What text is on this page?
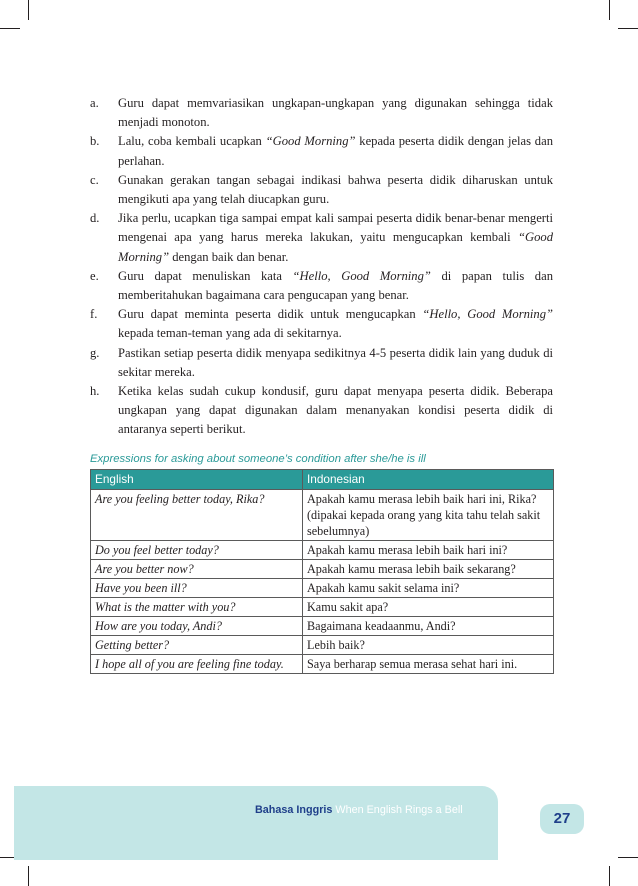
a. Guru dapat memvariasikan ungkapan-ungkapan yang digunakan sehingga tidak menjadi monoton.
b. Lalu, coba kembali ucapkan “Good Morning” kepada peserta didik dengan jelas dan perlahan.
c. Gunakan gerakan tangan sebagai indikasi bahwa peserta didik diharuskan untuk mengikuti apa yang telah diucapkan guru.
d. Jika perlu, ucapkan tiga sampai empat kali sampai peserta didik benar-benar mengerti mengenai apa yang harus mereka lakukan, yaitu mengucapkan kembali “Good Morning” dengan baik dan benar.
e. Guru dapat menuliskan kata “Hello, Good Morning” di papan tulis dan memberitahukan bagaimana cara pengucapan yang benar.
f. Guru dapat meminta peserta didik untuk mengucapkan “Hello, Good Morning” kepada teman-teman yang ada di sekitarnya.
g. Pastikan setiap peserta didik menyapa sedikitnya 4-5 peserta didik lain yang duduk di sekitar mereka.
h. Ketika kelas sudah cukup kondusif, guru dapat menyapa peserta didik. Beberapa ungkapan yang dapat digunakan dalam menanyakan kondisi peserta didik di antaranya seperti berikut.
Expressions for asking about someone’s condition after she/he is ill
English	Indonesian
Are you feeling better today, Rika?	Apakah kamu merasa lebih baik hari ini, Rika? (dipakai kepada orang yang kita tahu telah sakit sebelumnya)
Do you feel better today?	Apakah kamu merasa lebih baik hari ini?
Are you better now?	Apakah kamu merasa lebih baik sekarang?
Have you been ill?	Apakah kamu sakit selama ini?
What is the matter with you?	Kamu sakit apa?
How are you today, Andi?	Bagaimana keadaanmu, Andi?
Getting better?	Lebih baik?
I hope all of you are feeling fine today.	Saya berharap semua merasa sehat hari ini.
Bahasa Inggris When English Rings a Bell	27
